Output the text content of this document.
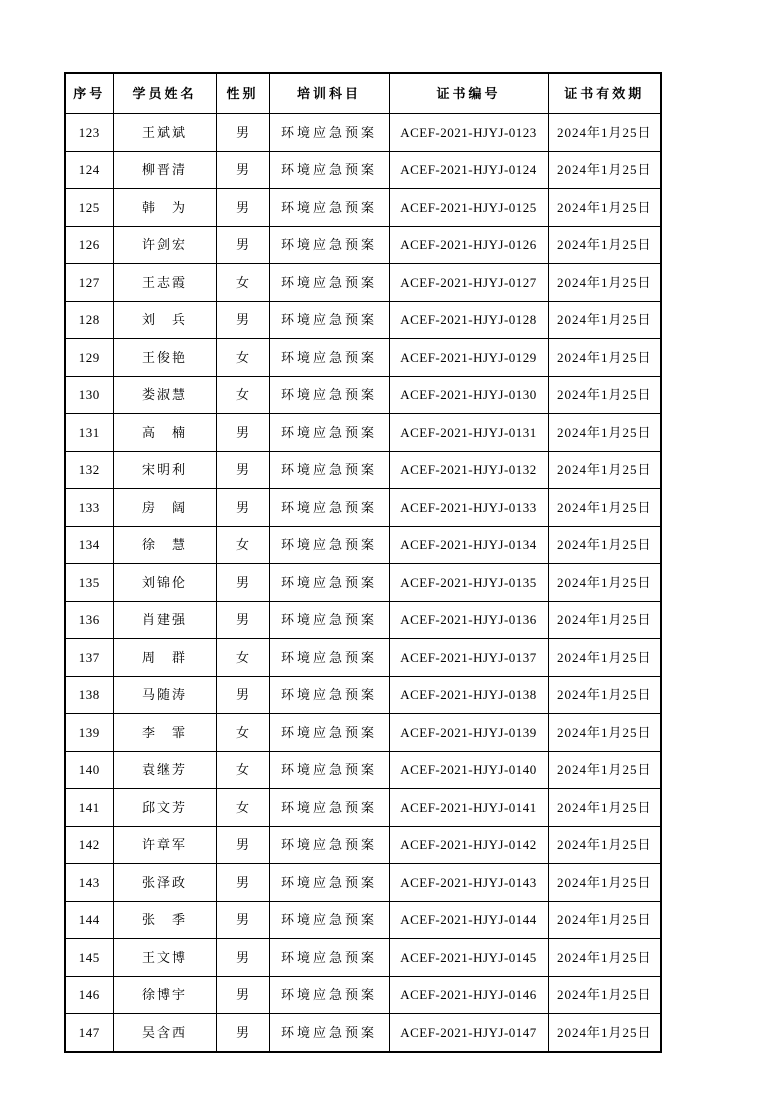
序号	学员姓名	性别	培训科目	证书编号	证书有效期
123	王斌斌	男	环境应急预案	ACEF-2021-HJYJ-0123	2024年1月25日
124	柳晋清	男	环境应急预案	ACEF-2021-HJYJ-0124	2024年1月25日
125	韩　为	男	环境应急预案	ACEF-2021-HJYJ-0125	2024年1月25日
126	许剑宏	男	环境应急预案	ACEF-2021-HJYJ-0126	2024年1月25日
127	王志霞	女	环境应急预案	ACEF-2021-HJYJ-0127	2024年1月25日
128	刘　兵	男	环境应急预案	ACEF-2021-HJYJ-0128	2024年1月25日
129	王俊艳	女	环境应急预案	ACEF-2021-HJYJ-0129	2024年1月25日
130	娄淑慧	女	环境应急预案	ACEF-2021-HJYJ-0130	2024年1月25日
131	高　楠	男	环境应急预案	ACEF-2021-HJYJ-0131	2024年1月25日
132	宋明利	男	环境应急预案	ACEF-2021-HJYJ-0132	2024年1月25日
133	房　阔	男	环境应急预案	ACEF-2021-HJYJ-0133	2024年1月25日
134	徐　慧	女	环境应急预案	ACEF-2021-HJYJ-0134	2024年1月25日
135	刘锦伦	男	环境应急预案	ACEF-2021-HJYJ-0135	2024年1月25日
136	肖建强	男	环境应急预案	ACEF-2021-HJYJ-0136	2024年1月25日
137	周　群	女	环境应急预案	ACEF-2021-HJYJ-0137	2024年1月25日
138	马随涛	男	环境应急预案	ACEF-2021-HJYJ-0138	2024年1月25日
139	李　霏	女	环境应急预案	ACEF-2021-HJYJ-0139	2024年1月25日
140	袁继芳	女	环境应急预案	ACEF-2021-HJYJ-0140	2024年1月25日
141	邱文芳	女	环境应急预案	ACEF-2021-HJYJ-0141	2024年1月25日
142	许章军	男	环境应急预案	ACEF-2021-HJYJ-0142	2024年1月25日
143	张泽政	男	环境应急预案	ACEF-2021-HJYJ-0143	2024年1月25日
144	张　季	男	环境应急预案	ACEF-2021-HJYJ-0144	2024年1月25日
145	王文博	男	环境应急预案	ACEF-2021-HJYJ-0145	2024年1月25日
146	徐博宇	男	环境应急预案	ACEF-2021-HJYJ-0146	2024年1月25日
147	吴含西	男	环境应急预案	ACEF-2021-HJYJ-0147	2024年1月25日
